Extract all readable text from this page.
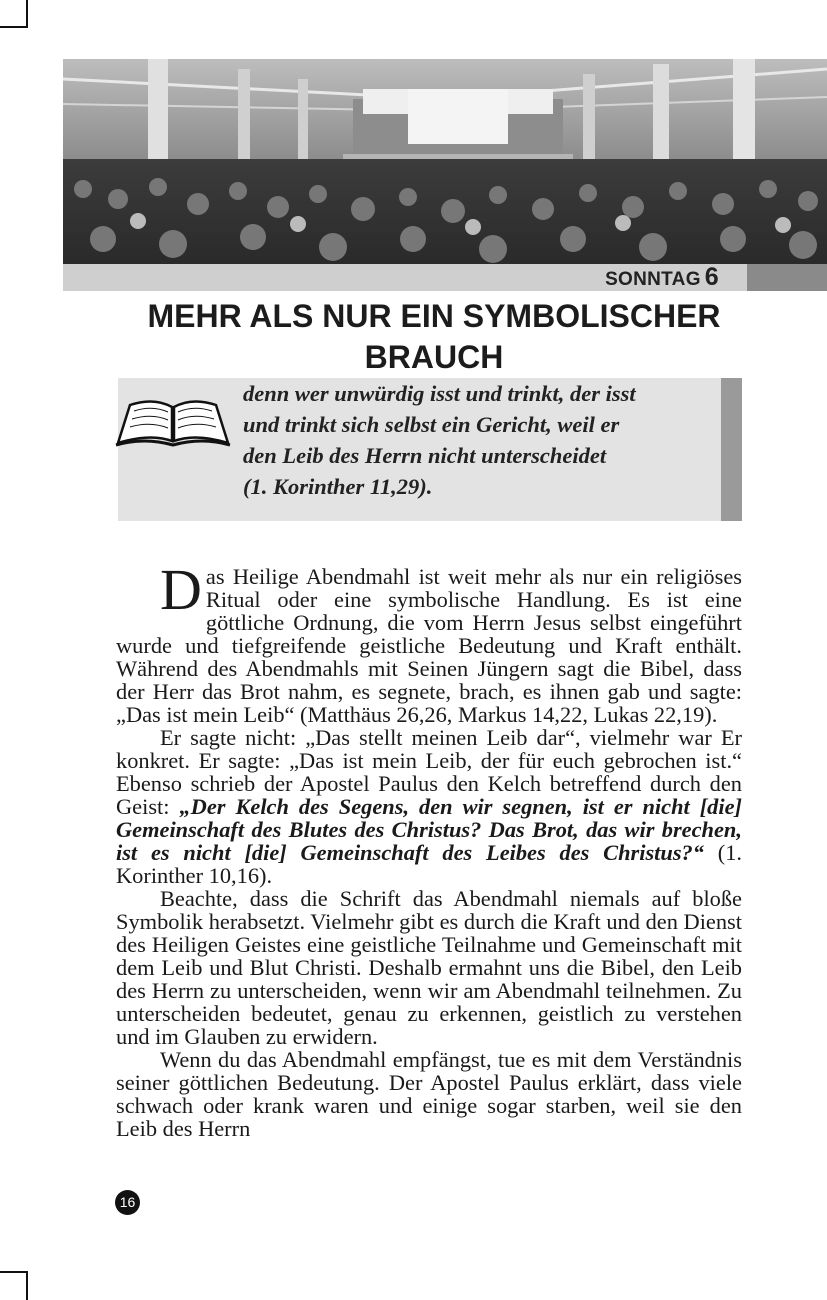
SONNTAG 6
MEHR ALS NUR EIN SYMBOLISCHER BRAUCH
denn wer unwürdig isst und trinkt, der isst
und trinkt sich selbst ein Gericht, weil er
den Leib des Herrn nicht unterscheidet
(1. Korinther 11,29).

Das Heilige Abendmahl ist weit mehr als nur ein religiöses Ritual oder eine symbolische Handlung. Es ist eine göttliche Ordnung, die vom Herrn Jesus selbst eingeführt wurde und tiefgreifende geistliche Bedeutung und Kraft enthält. Während des Abendmahls mit Seinen Jüngern sagt die Bibel, dass der Herr das Brot nahm, es segnete, brach, es ihnen gab und sagte: „Das ist mein Leib“ (Matthäus 26,26, Markus 14,22, Lukas 22,19).

Er sagte nicht: „Das stellt meinen Leib dar“, vielmehr war Er konkret. Er sagte: „Das ist mein Leib, der für euch gebrochen ist.“ Ebenso schrieb der Apostel Paulus den Kelch betreffend durch den Geist: „Der Kelch des Segens, den wir segnen, ist er nicht [die] Gemeinschaft des Blutes des Christus? Das Brot, das wir brechen, ist es nicht [die] Gemeinschaft des Leibes des Christus?“ (1. Korinther 10,16).

Beachte, dass die Schrift das Abendmahl niemals auf bloße Symbolik herabsetzt. Vielmehr gibt es durch die Kraft und den Dienst des Heiligen Geistes eine geistliche Teilnahme und Gemeinschaft mit dem Leib und Blut Christi. Deshalb ermahnt uns die Bibel, den Leib des Herrn zu unterscheiden, wenn wir am Abendmahl teilnehmen. Zu unterscheiden bedeutet, genau zu erkennen, geistlich zu verstehen und im Glauben zu erwidern.

Wenn du das Abendmahl empfängst, tue es mit dem Verständnis seiner göttlichen Bedeutung. Der Apostel Paulus erklärt, dass viele schwach oder krank waren und einige sogar starben, weil sie den Leib des Herrn

16
